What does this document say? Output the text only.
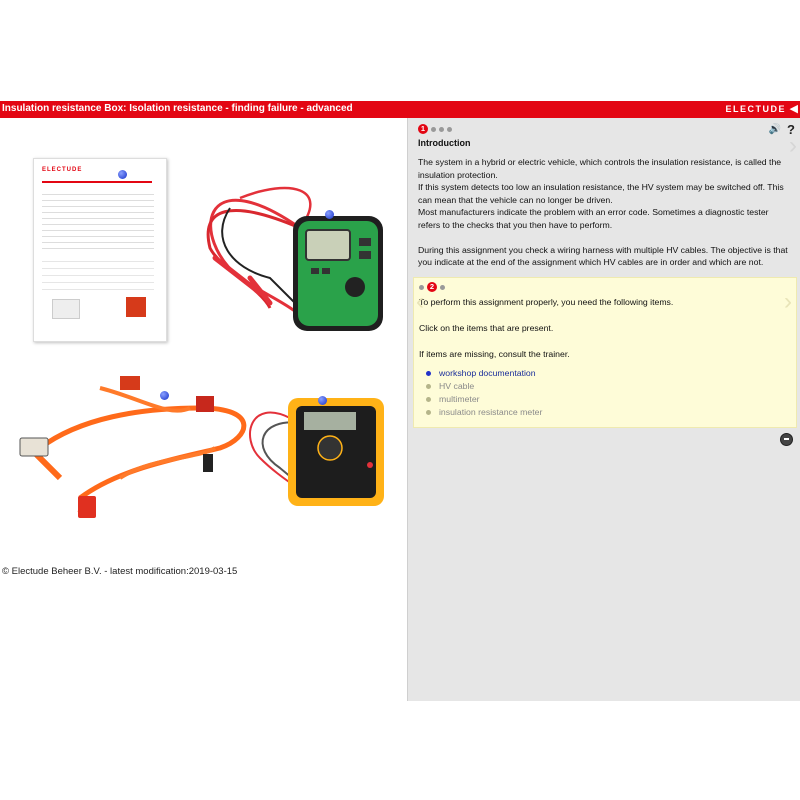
Insulation resistance Box: Isolation resistance - finding failure - advanced	ELECTUDE ◀
ELECTUDE
© Electude Beheer B.V. - latest modification:2019-03-15
1	🔊 ?
Introduction

The system in a hybrid or electric vehicle, which controls the insulation resistance, is called the insulation protection.

If this system detects too low an insulation resistance, the HV system may be switched off. This can mean that the vehicle can no longer be driven.

Most manufacturers indicate the problem with an error code. Sometimes a diagnostic tester refers to the checks that you then have to perform.

During this assignment you check a wiring harness with multiple HV cables. The objective is that you indicate at the end of the assignment which HV cables are in order and which are not.

›
2
To perform this assignment properly, you need the following items.
Click on the items that are present.
If items are missing, consult the trainer.
workshop documentation
HV cable
multimeter
insulation resistance meter
‹	›
